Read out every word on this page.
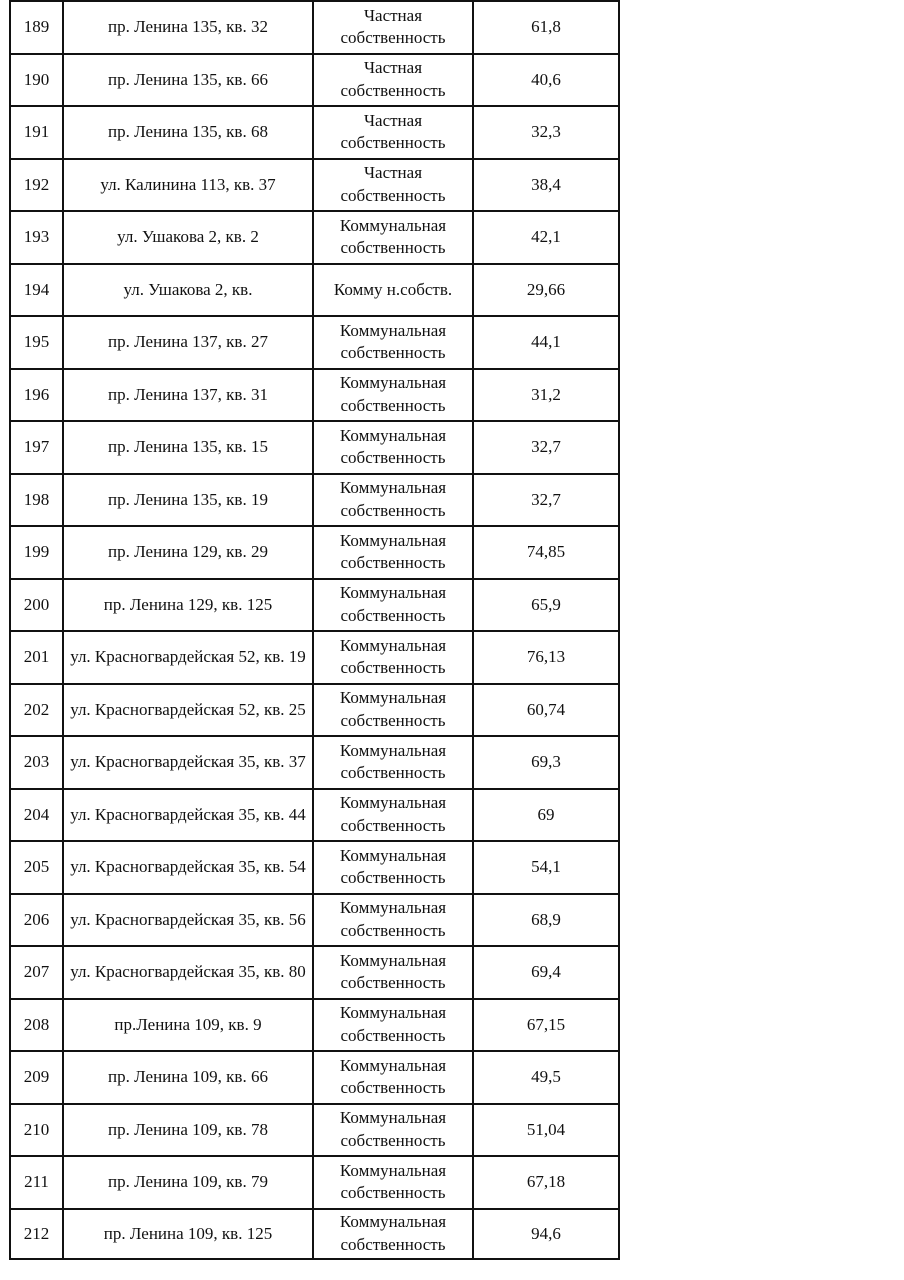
189	пр. Ленина 135, кв. 32	Частная собственность	61,8
190	пр. Ленина 135, кв. 66	Частная собственность	40,6
191	пр. Ленина 135, кв. 68	Частная собственность	32,3
192	ул. Калинина 113, кв. 37	Частная собственность	38,4
193	ул. Ушакова 2, кв. 2	Коммунальная собственность	42,1
194	ул. Ушакова 2, кв.	Комму н.собств.	29,66
195	пр. Ленина 137, кв. 27	Коммунальная собственность	44,1
196	пр. Ленина 137, кв. 31	Коммунальная собственность	31,2
197	пр. Ленина 135, кв. 15	Коммунальная собственность	32,7
198	пр. Ленина 135, кв. 19	Коммунальная собственность	32,7
199	пр. Ленина 129, кв. 29	Коммунальная собственность	74,85
200	пр. Ленина 129, кв. 125	Коммунальная собственность	65,9
201	ул. Красногвардейская 52, кв. 19	Коммунальная собственность	76,13
202	ул. Красногвардейская 52, кв. 25	Коммунальная собственность	60,74
203	ул. Красногвардейская 35, кв. 37	Коммунальная собственность	69,3
204	ул. Красногвардейская 35, кв. 44	Коммунальная собственность	69
205	ул. Красногвардейская 35, кв. 54	Коммунальная собственность	54,1
206	ул. Красногвардейская 35, кв. 56	Коммунальная собственность	68,9
207	ул. Красногвардейская 35, кв. 80	Коммунальная собственность	69,4
208	пр.Ленина 109, кв. 9	Коммунальная собственность	67,15
209	пр. Ленина 109, кв. 66	Коммунальная собственность	49,5
210	пр. Ленина 109, кв. 78	Коммунальная собственность	51,04
211	пр. Ленина 109, кв. 79	Коммунальная собственность	67,18
212	пр. Ленина 109, кв. 125	Коммунальная собственность	94,6
